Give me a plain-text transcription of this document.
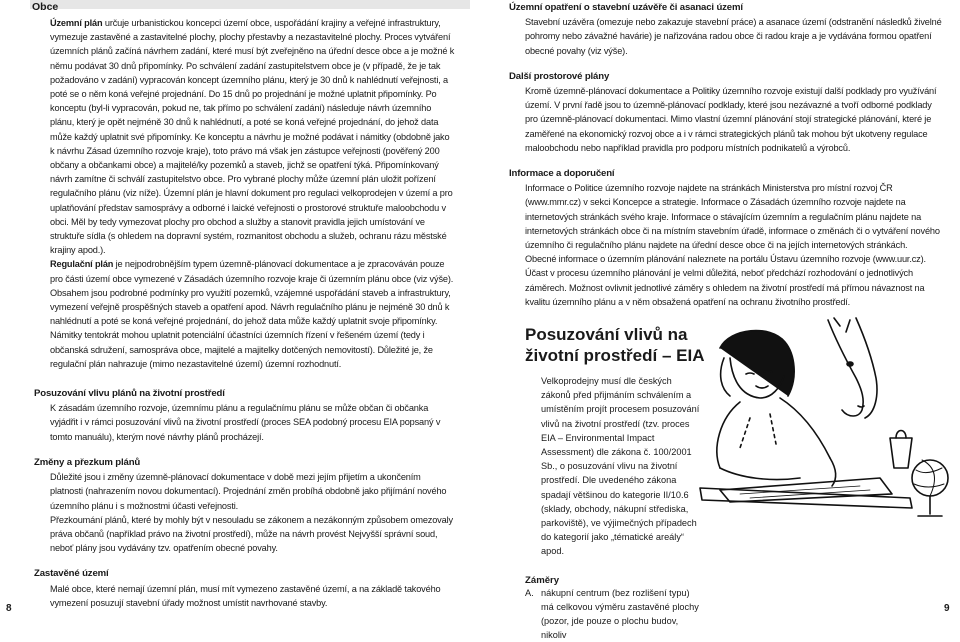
Obce
Územní plán určuje urbanistickou koncepci území obce, uspořádání krajiny a veřejné infrastruktury, vymezuje zastavěné a zastavitelné plochy, plochy přestavby a nezastavitelné plochy. Proces vytváření územních plánů začíná návrhem zadání, které musí být zveřejněno na úřední desce obce a je možné k němu podávat 30 dnů připomínky. Po schválení zadání zastupitelstvem obce je (v případě, že je tak požadováno v zadání) vypracován koncept územního plánu, který je 30 dnů k nahlédnutí veřejnosti, a poté se o něm koná veřejné projednání. Do 15 dnů po projednání je možné uplatnit připomínky. Po konceptu (byl-li vypracován, pokud ne, tak přímo po schválení zadání) následuje návrh územního plánu, který je opět nejméně 30 dnů k nahlédnutí, a poté se koná veřejné projednání, do jehož data může každý uplatnit své připomínky. Ke konceptu a návrhu je možné podávat i námitky (obdobně jako k návrhu Zásad územního rozvoje kraje), toto právo má však jen zástupce veřejnosti (pověřený 200 občany a občankami obce) a majitelé/ky pozemků a staveb, jichž se opatření týká. Připomínkovaný návrh zamítne či schválí zastupitelstvo obce. Pro vybrané plochy může územní plán uložit pořízení regulačního plánu (viz níže). Územní plán je hlavní dokument pro regulaci velkoprodejen v území a pro uplatňování představ samosprávy a odborné i laické veřejnosti o prostorové struktuře maloobchodu v obci. Měl by tedy vymezovat plochy pro obchod a služby a stanovit pravidla jejich umístování ve struktuře sídla (s ohledem na dopravní systém, rozmanitost obchodu a služeb, ochranu rázu městské krajiny apod.).
Regulační plán je nejpodrobnějším typem územně-plánovací dokumentace a je zpracováván pouze pro části území obce vymezené v Zásadách územního rozvoje kraje či územním plánu obce (viz výše). Obsahem jsou podrobné podmínky pro využití pozemků, vzájemné uspořádání staveb a infrastruktury, vymezení veřejně prospěšných staveb a opatření apod. Návrh regulačního plánu je nejméně 30 dnů k nahlédnutí a poté se koná veřejné projednání, do jehož data může každý uplatnit svoje připomínky. Námitky tentokrát mohou uplatnit potenciální účastníci územních řízení v řešeném území (tedy i občanská sdružení, samospráva obce, majitelé a majitelky dotčených nemovitostí). Důležité je, že regulační plán nahrazuje (mimo nezastavitelné území) územní rozhodnutí.
Posuzování vlivu plánů na životní prostředí
K zásadám územního rozvoje, územnímu plánu a regulačnímu plánu se může občan či občanka vyjádřit i v rámci posuzování vlivů na životní prostředí (proces SEA podobný procesu EIA popsaný v tomto manuálu), kterým nové návrhy plánů procházejí.
Změny a přezkum plánů
Důležité jsou i změny územně-plánovací dokumentace v době mezi jejím přijetím a ukončením platnosti (nahrazením novou dokumentací). Projednání změn probíhá obdobně jako přijímání nového územního plánu i s možnostmi účasti veřejnosti.
Přezkoumání plánů, které by mohly být v nesouladu se zákonem a nezákonným způsobem omezovaly práva občanů (například právo na životní prostředí), může na návrh provést Nejvyšší správní soud, neboť plány jsou vydávány tzv. opatřením obecné povahy.
Zastavěné území
Malé obce, které nemají územní plán, musí mít vymezeno zastavěné území, a na základě takového vymezení posuzují stavební úřady možnost umístit navrhované stavby.
8
Územní opatření o stavební uzávěře či asanaci území
Stavební uzávěra (omezuje nebo zakazuje stavební práce) a asanace území (odstranění následků živelné pohromy nebo závažné havárie) je nařizována radou obce či radou kraje a je vydávána formou opatření obecné povahy (viz výše).
Další prostorové plány
Kromě územně-plánovací dokumentace a Politiky územního rozvoje existují další podklady pro využívání území. V první řadě jsou to územně-plánovací podklady, které jsou nezávazné a tvoří odborné podklady pro územně-plánovací dokumentaci. Mimo vlastní územní plánování stojí strategické plánování, které je zaměřené na ekonomický rozvoj obce a i v rámci strategických plánů tak mohou být ukotveny regulace maloobchodu nebo například pravidla pro podporu místních podnikatelů a výrobců.
Informace a doporučení
Informace o Politice územního rozvoje najdete na stránkách Ministerstva pro místní rozvoj ČR (www.mmr.cz) v sekci Koncepce a strategie. Informace o Zásadách územního rozvoje najdete na internetových stránkách svého kraje. Informace o stávajícím územním a regulačním plánu najdete na internetových stránkách obce či na místním stavebním úřadě, informace o změnách či o vytváření nového územního či regulačního plánu najdete na úřední desce obce či na jejích internetových stránkách.
Obecné informace o územním plánování naleznete na portálu Ústavu územního rozvoje (www.uur.cz).
Účast v procesu územního plánování je velmi důležitá, neboť předchází rozhodování o jednotlivých záměrech. Možnost ovlivnit jednotlivé záměry s ohledem na životní prostředí má přímou návaznost na kvalitu územního plánu a v něm obsažená opatření na ochranu životního prostředí.
Posuzování vlivů na životní prostředí – EIA
Velkoprodejny musí dle českých zákonů před přijmáním schválením a umístěním projít procesem posuzování vlivů na životní prostředí (tzv. proces EIA – Environmental Impact Assessment) dle zákona č. 100/2001 Sb., o posuzování vlivu na životní prostředí. Dle uvedeného zákona spadají většinou do kategorie II/10.6 (sklady, obchody, nákupní střediska, parkoviště), ve výjimečných případech do kategorií jako „tématické areály“ apod.
Záměry
A. nákupní centrum (bez rozlišení typu) má celkovou výměru zastavěné plochy (pozor, jde pouze o plochu budov, nikoliv
9
